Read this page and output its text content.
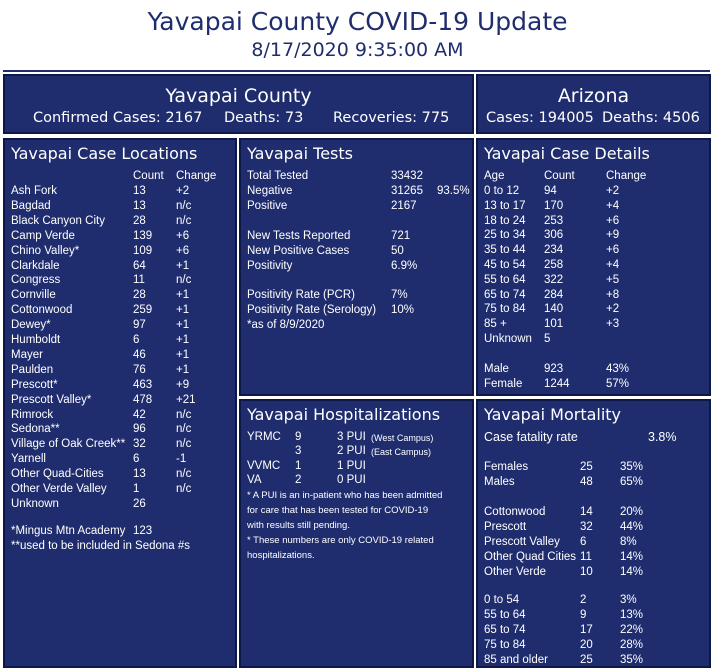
Yavapai County COVID-19 Update
8/17/2020 9:35:00 AM
Yavapai County
Confirmed Cases: 2167 Deaths: 73 Recoveries: 775
Arizona
Cases: 194005 Deaths: 4506
Yavapai Case Locations
Count Change
*Mingus Mtn Academy 123
**used to be included in Sedona #s
Ash Fork	13	+2
Bagdad	13	n/c
Black Canyon City 28	n/c
Camp Verde	139 +6
Chino Valley*	109 +6
Clarkdale	64	+1
Congress	11	n/c
Cornville	28	+1
Cottonwood	259 +1
Dewey*	97	+1
Humboldt	6	+1
Mayer	46	+1
Paulden	76	+1
Prescott*	463 +9
Prescott Valley*	478 +21
Rimrock	42	n/c
Sedona**	96	n/c
Village of Oak Creek** 32	n/c
Yarnell	6	-1
Other Quad-Cities	13	n/c
Other Verde Valley 1	n/c
Unknown	26
Yavapai Tests
*as of 8/9/2020
Total Tested	33432
Negative	31265 93.5%
Positive	2167
New Tests Reported	721
New Positive Cases	50
Positivity	6.9%
Positivity Rate (PCR)	7%
Positivity Rate (Serology) 10%
Yavapai Case Details
Age	Count	Change
0 to 12 94	+2
13 to 17 170	+4
18 to 24 253	+6
25 to 34 306	+9
35 to 44 234	+6
45 to 54 258	+4
55 to 64 322	+5
65 to 74 284	+8
75 to 84 140	+2
85 +	101	+3
Unknown 5
Male	923	43%
Female 1244	57%
Yavapai Hospitalizations
* A PUI is an in-patient who has been admitted for care that has been tested for COVID-19 with results still pending.
* These numbers are only COVID-19 related hospitalizations.
YRMC 9	3 PUI (West Campus)
3	2 PUI (East Campus)
VVMC 1	1 PUI
VA	2	0 PUI
Yavapai Mortality
Case fatality rate	3.8%
Females	25 35%
Males	48 65%
Cottonwood	14 20%
Prescott	32 44%
Prescott Valley 6	8%
Other Quad Cities 11 14%
Other Verde	10 14%
0 to 54	2	3%
55 to 64	9	13%
65 to 74	17 22%
75 to 84	20 28%
85 and older	25 35%
